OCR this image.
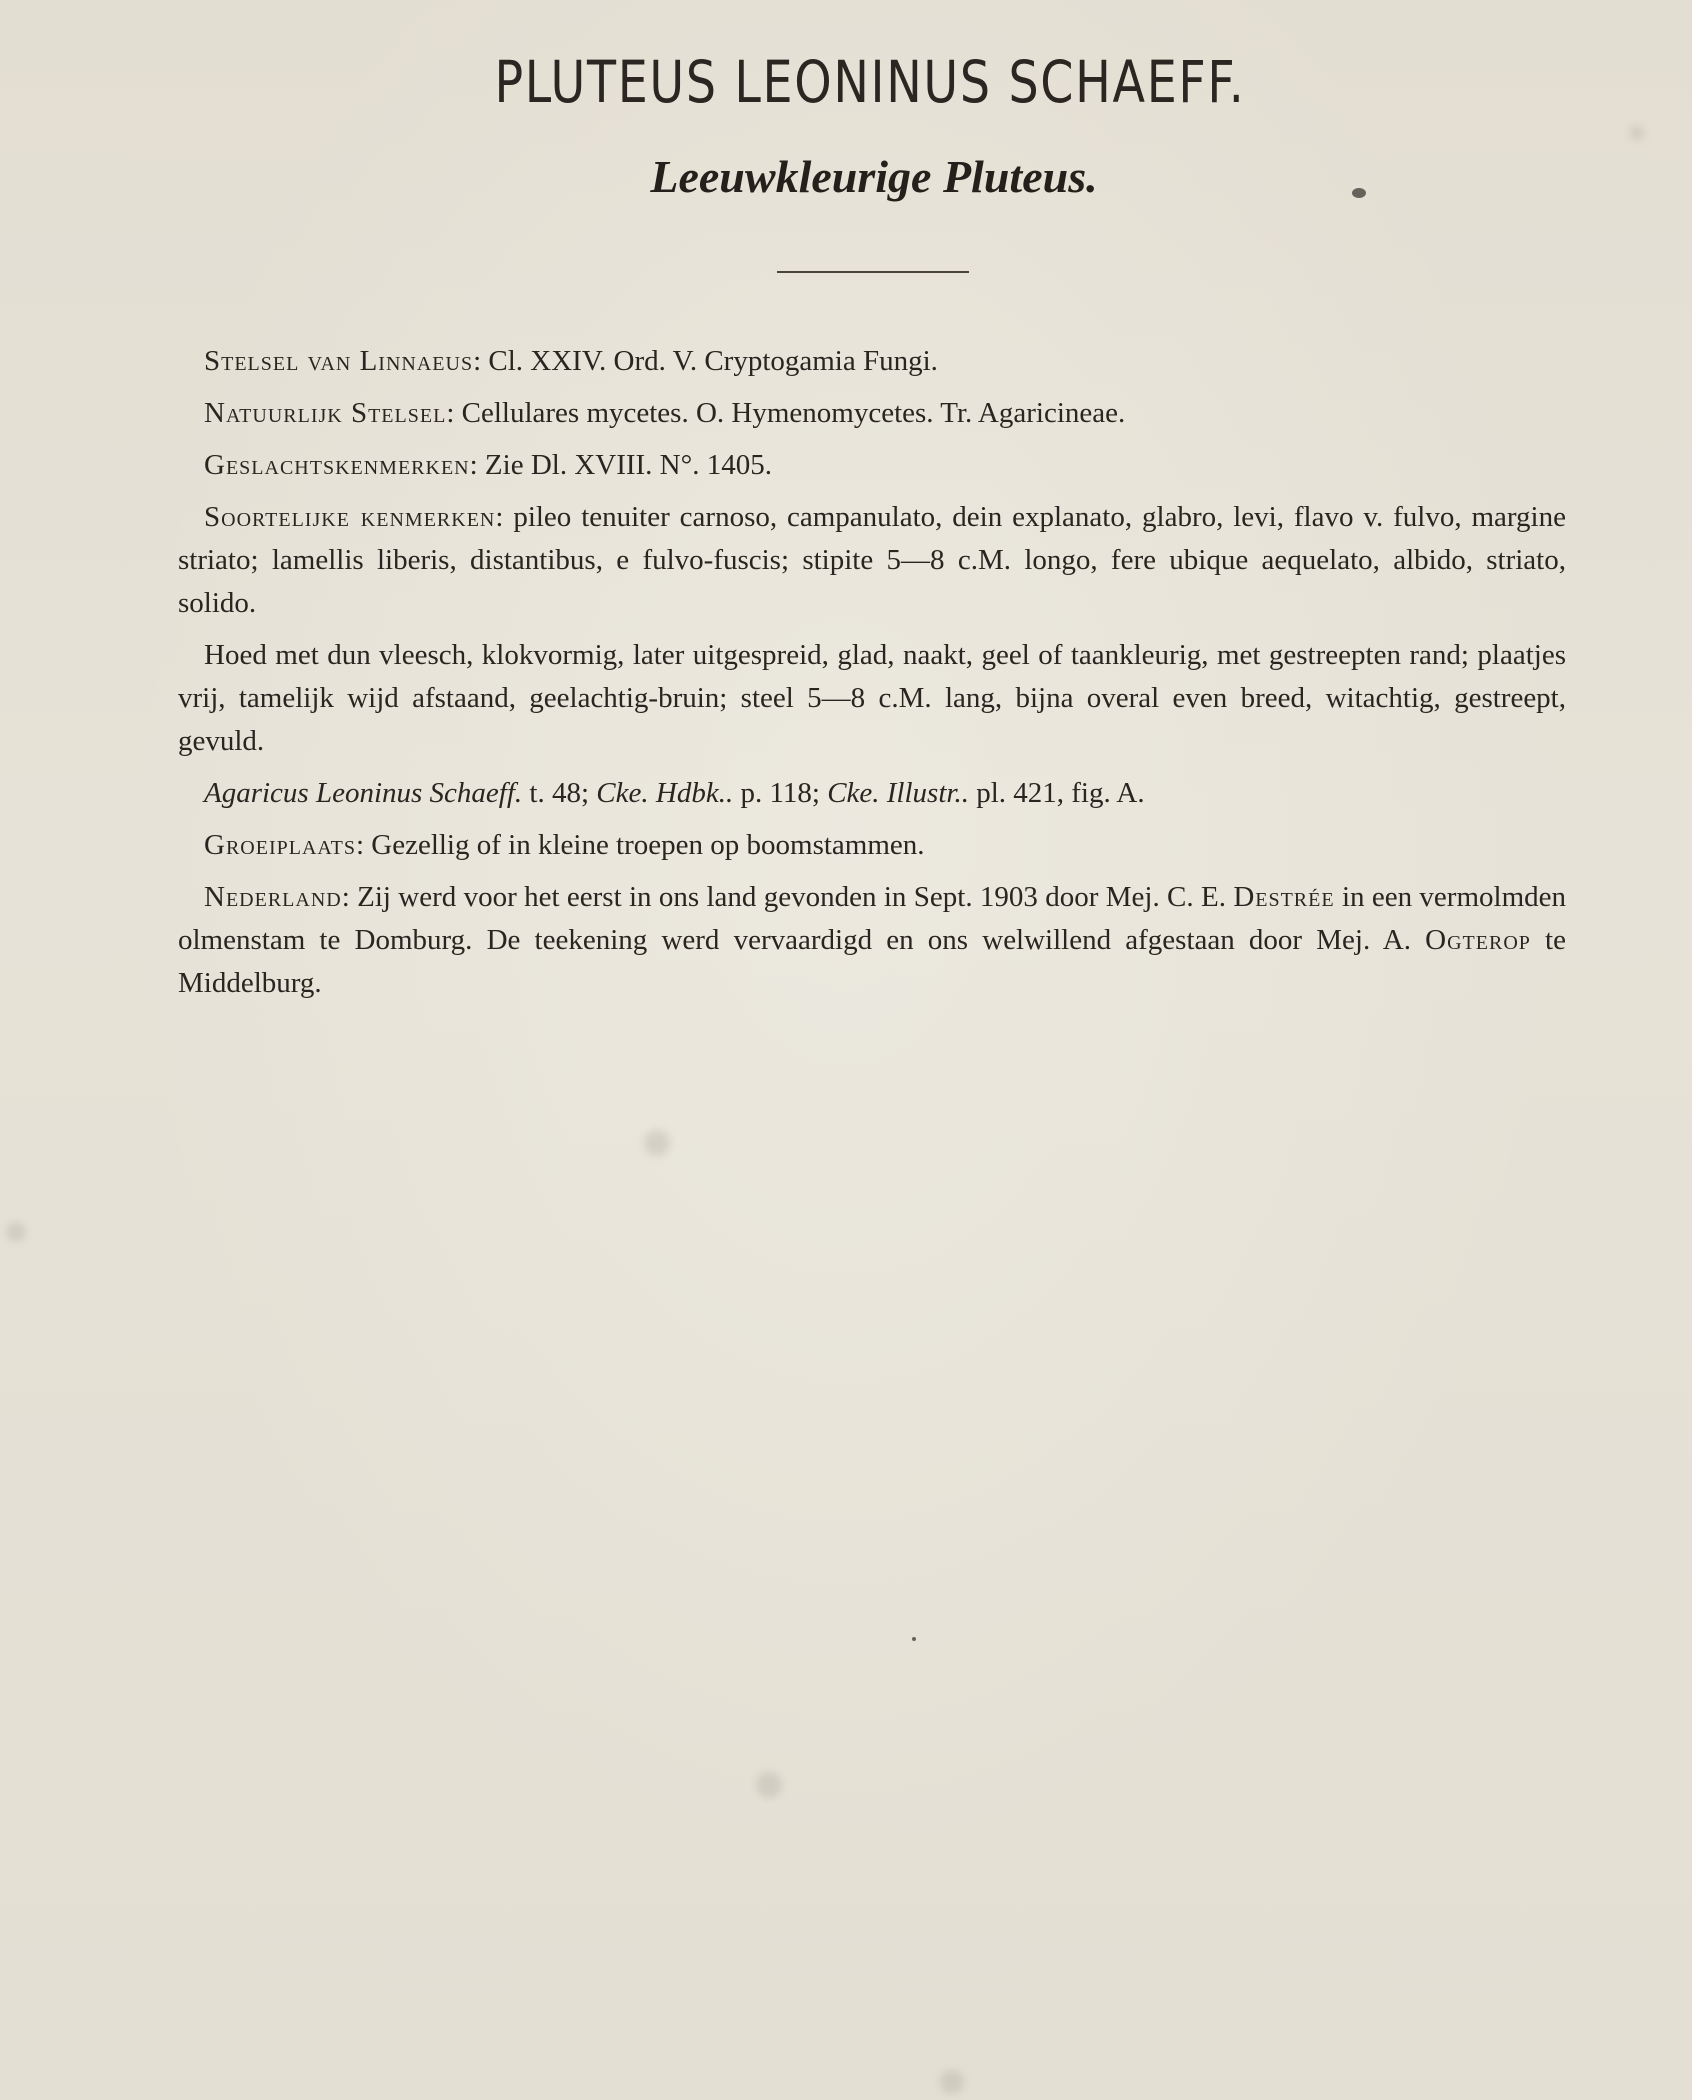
PLUTEUS LEONINUS SCHAEFF.
Leeuwkleurige Pluteus.

Stelsel van Linnaeus: Cl. XXIV. Ord. V. Cryptogamia Fungi.

Natuurlijk Stelsel: Cellulares mycetes. O. Hymenomycetes. Tr. Agaricineae.

Geslachtskenmerken: Zie Dl. XVIII. N°. 1405.

Soortelijke kenmerken: pileo tenuiter carnoso, campanulato, dein explanato, glabro, levi, flavo v. fulvo, margine striato; lamellis liberis, distantibus, e fulvo-fuscis; stipite 5—8 c.M. longo, fere ubique aequelato, albido, striato, solido.

Hoed met dun vleesch, klokvormig, later uitgespreid, glad, naakt, geel of taankleurig, met gestreepten rand; plaatjes vrij, tamelijk wijd afstaand, geelachtig-bruin; steel 5—8 c.M. lang, bijna overal even breed, witachtig, gestreept, gevuld.

Agaricus Leoninus Schaeff. t. 48; Cke. Hdbk.. p. 118; Cke. Illustr.. pl. 421, fig. A.

Groeiplaats: Gezellig of in kleine troepen op boomstammen.

Nederland: Zij werd voor het eerst in ons land gevonden in Sept. 1903 door Mej. C. E. Destrée in een vermolmden olmenstam te Domburg. De teekening werd vervaardigd en ons welwillend afgestaan door Mej. A. Ogterop te Middelburg.
